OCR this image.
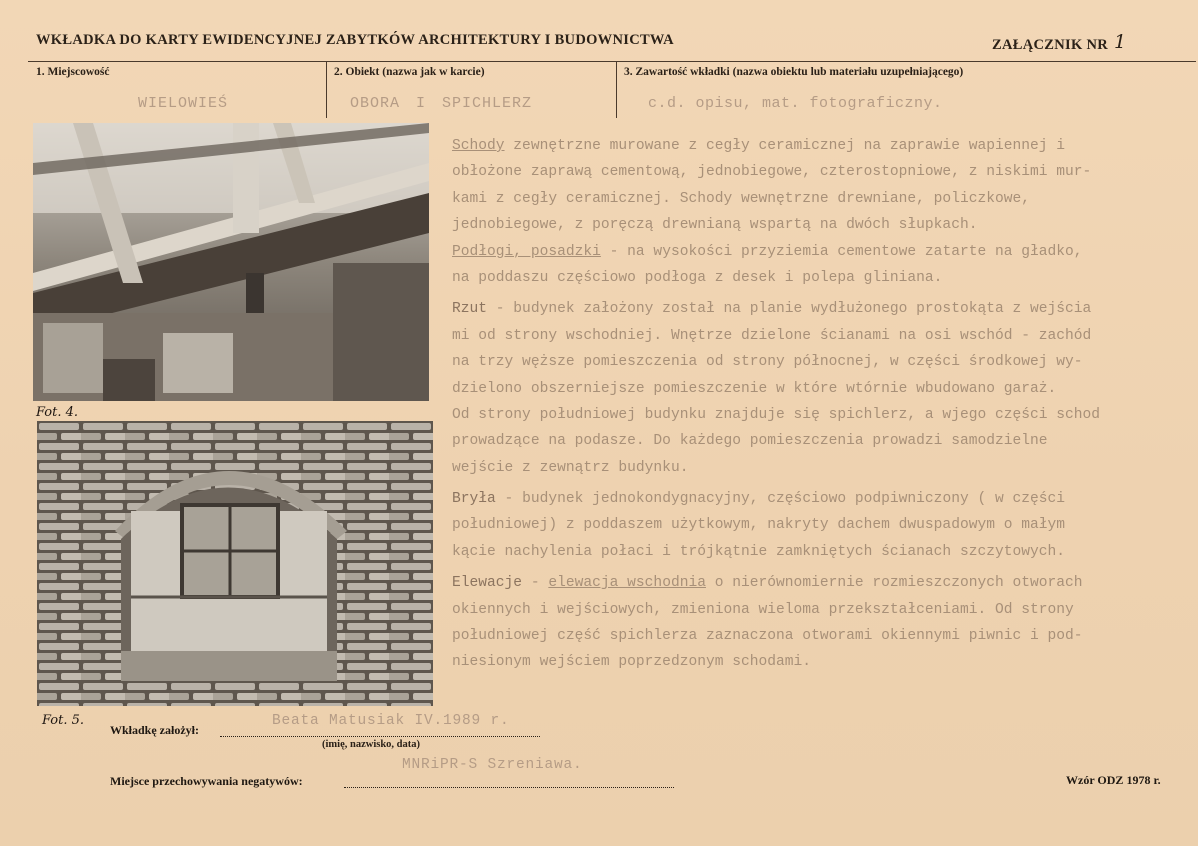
WKŁADKA DO KARTY EWIDENCYJNEJ ZABYTKÓW ARCHITEKTURY I BUDOWNICTWA	ZAŁĄCZNIK NR 1
1. Miejscowość	2. Obiekt (nazwa jak w karcie)	3. Zawartość wkładki (nazwa obiektu lub materiału uzupełniającego)
WIELOWIEŚ	OBORA I SPICHLERZ	c.d. opisu, mat. fotograficzny.
Fot. 4.
Fot. 5.
Schody zewnętrzne murowane z cegły ceramicznej na zaprawie wapiennej i
obłożone zaprawą cementową, jednobiegowe, czterostopniowe, z niskimi mur-
kami z cegły ceramicznej. Schody wewnętrzne drewniane, policzkowe,
jednobiegowe, z poręczą drewnianą wspartą na dwóch słupkach.
Podłogi, posadzki - na wysokości przyziemia cementowe zatarte na gładko,
na poddaszu częściowo podłoga z desek i polepa gliniana.
Rzut - budynek założony został na planie wydłużonego prostokąta z wejścia
mi od strony wschodniej. Wnętrze dzielone ścianami na osi wschód - zachód
na trzy węższe pomieszczenia od strony północnej, w części środkowej wy-
dzielono obszerniejsze pomieszczenie w które wtórnie wbudowano garaż.
Od strony południowej budynku znajduje się spichlerz, a wjego części schod
prowadzące na podasze. Do każdego pomieszczenia prowadzi samodzielne
wejście z zewnątrz budynku.
Bryła - budynek jednokondygnacyjny, częściowo podpiwniczony ( w części
południowej) z poddaszem użytkowym, nakryty dachem dwuspadowym o małym
kącie nachylenia połaci i trójkątnie zamkniętych ścianach szczytowych.
Elewacje - elewacja wschodnia o nierównomiernie rozmieszczonych otworach
okiennych i wejściowych, zmieniona wieloma przekształceniami. Od strony
południowej część spichlerza zaznaczona otworami okiennymi piwnic i pod-
niesionym wejściem poprzedzonym schodami.
Wkładkę założył:
Beata Matusiak IV.1989 r.
(imię, nazwisko, data)
Miejsce przechowywania negatywów:
MNRiPR-S Szreniawa.
Wzór ODZ 1978 r.
